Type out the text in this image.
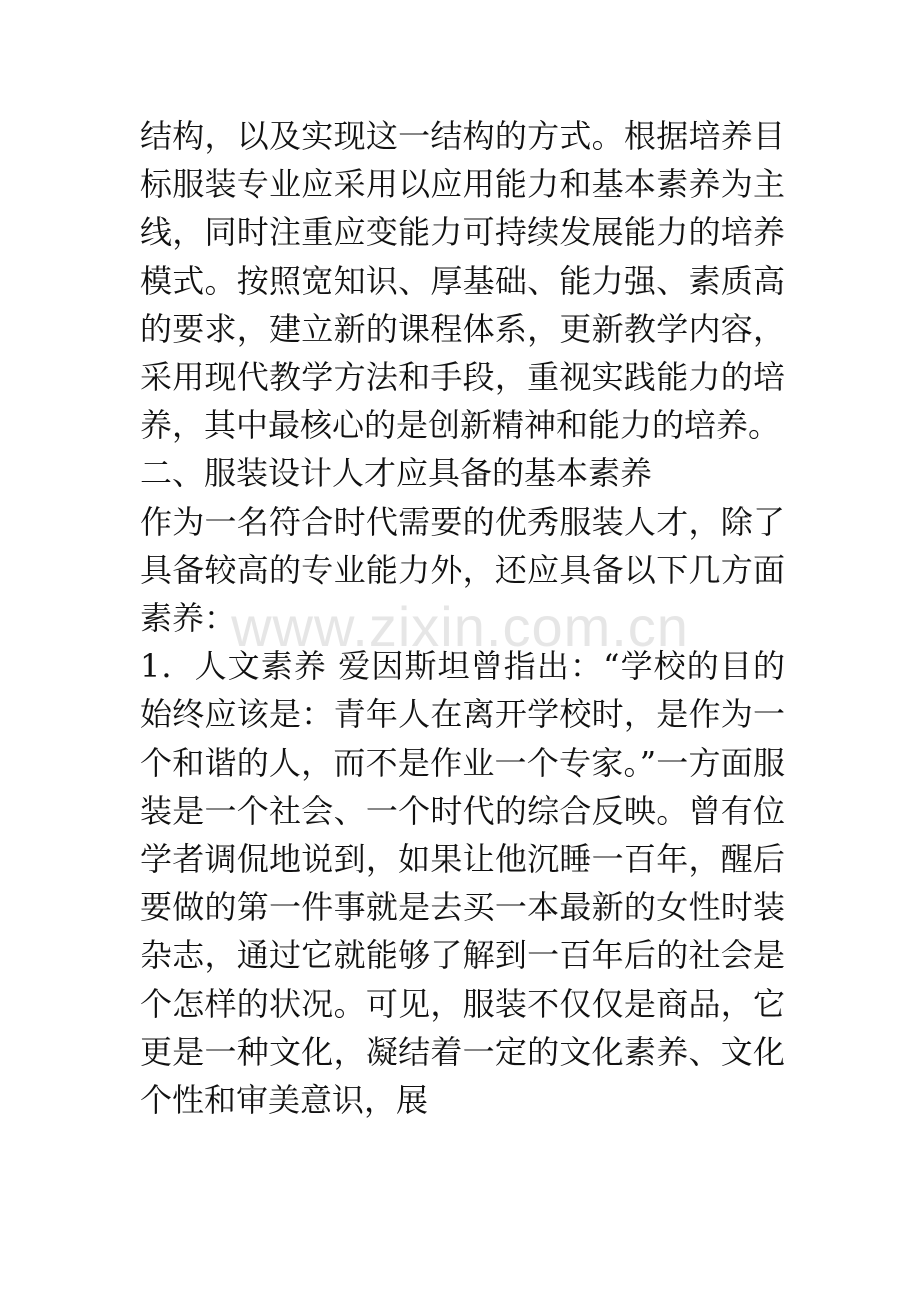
结构，以及实现这一结构的方式。根据培养目标服装专业应采用以应用能力和基本素养为主线，同时注重应变能力可持续发展能力的培养模式。按照宽知识、厚基础、能力强、素质高的要求，建立新的课程体系，更新教学内容，采用现代教学方法和手段，重视实践能力的培养，其中最核心的是创新精神和能力的培养。

二、服装设计人才应具备的基本素养

作为一名符合时代需要的优秀服装人才，除了具备较高的专业能力外，还应具备以下几方面素养：

1．人文素养 爱因斯坦曾指出：“学校的目的始终应该是：青年人在离开学校时，是作为一个和谐的人，而不是作业一个专家。”一方面服装是一个社会、一个时代的综合反映。曾有位学者调侃地说到，如果让他沉睡一百年，醒后要做的第一件事就是去买一本最新的女性时装杂志，通过它就能够了解到一百年后的社会是个怎样的状况。可见，服装不仅仅是商品，它更是一种文化，凝结着一定的文化素养、文化个性和审美意识，展

www.zixin.com.cn
